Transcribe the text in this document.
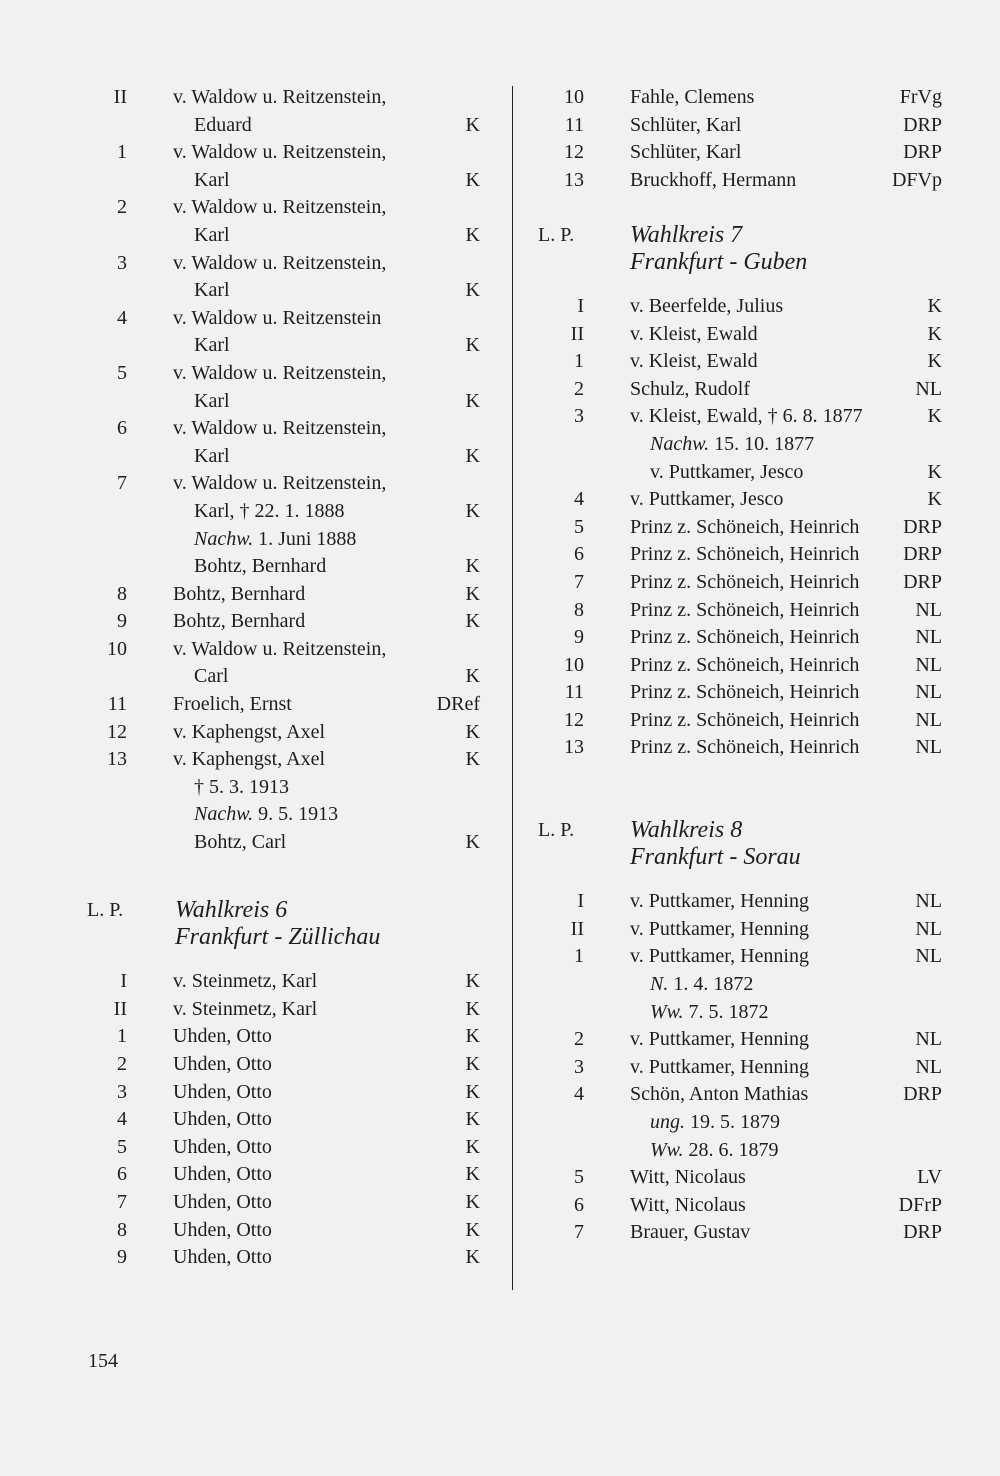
II v. Waldow u. Reitzenstein,
Eduard	K
1 v. Waldow u. Reitzenstein,
Karl	K
2 v. Waldow u. Reitzenstein,
Karl	K
3 v. Waldow u. Reitzenstein,
Karl	K
4 v. Waldow u. Reitzenstein
Karl	K
5 v. Waldow u. Reitzenstein,
Karl	K
6 v. Waldow u. Reitzenstein,
Karl	K
7 v. Waldow u. Reitzenstein,
Karl, † 22. 1. 1888	K
Nachw. 1. Juni 1888
Bohtz, Bernhard	K
8 Bohtz, Bernhard	K
9 Bohtz, Bernhard	K
10 v. Waldow u. Reitzenstein,
Carl	K
11 Froelich, Ernst	DRef
12 v. Kaphengst, Axel	K
13 v. Kaphengst, Axel	K
† 5. 3. 1913
Nachw. 9. 5. 1913
Bohtz, Carl	K
L. P. Wahlkreis 6
Frankfurt - Züllichau
I v. Steinmetz, Karl	K
II v. Steinmetz, Karl	K
1 Uhden, Otto	K
2 Uhden, Otto	K
3 Uhden, Otto	K
4 Uhden, Otto	K
5 Uhden, Otto	K
6 Uhden, Otto	K
7 Uhden, Otto	K
8 Uhden, Otto	K
9 Uhden, Otto	K
10 Fahle, Clemens	FrVg
11 Schlüter, Karl	DRP
12 Schlüter, Karl	DRP
13 Bruckhoff, Hermann	DFVp
L. P. Wahlkreis 7
Frankfurt - Guben
I v. Beerfelde, Julius	K
II v. Kleist, Ewald	K
1 v. Kleist, Ewald	K
2 Schulz, Rudolf	NL
3 v. Kleist, Ewald, † 6. 8. 1877	K
Nachw. 15. 10. 1877
v. Puttkamer, Jesco	K
4 v. Puttkamer, Jesco	K
5 Prinz z. Schöneich, Heinrich DRP
6 Prinz z. Schöneich, Heinrich DRP
7 Prinz z. Schöneich, Heinrich DRP
8 Prinz z. Schöneich, Heinrich	NL
9 Prinz z. Schöneich, Heinrich	NL
10 Prinz z. Schöneich, Heinrich	NL
11 Prinz z. Schöneich, Heinrich	NL
12 Prinz z. Schöneich, Heinrich	NL
13 Prinz z. Schöneich, Heinrich	NL
L. P. Wahlkreis 8
Frankfurt - Sorau
I v. Puttkamer, Henning	NL
II v. Puttkamer, Henning	NL
1 v. Puttkamer, Henning	NL
N. 1. 4. 1872
Ww. 7. 5. 1872
2 v. Puttkamer, Henning	NL
3 v. Puttkamer, Henning	NL
4 Schön, Anton Mathias	DRP
ung. 19. 5. 1879
Ww. 28. 6. 1879
5 Witt, Nicolaus	LV
6 Witt, Nicolaus	DFrP
7 Brauer, Gustav	DRP
154
